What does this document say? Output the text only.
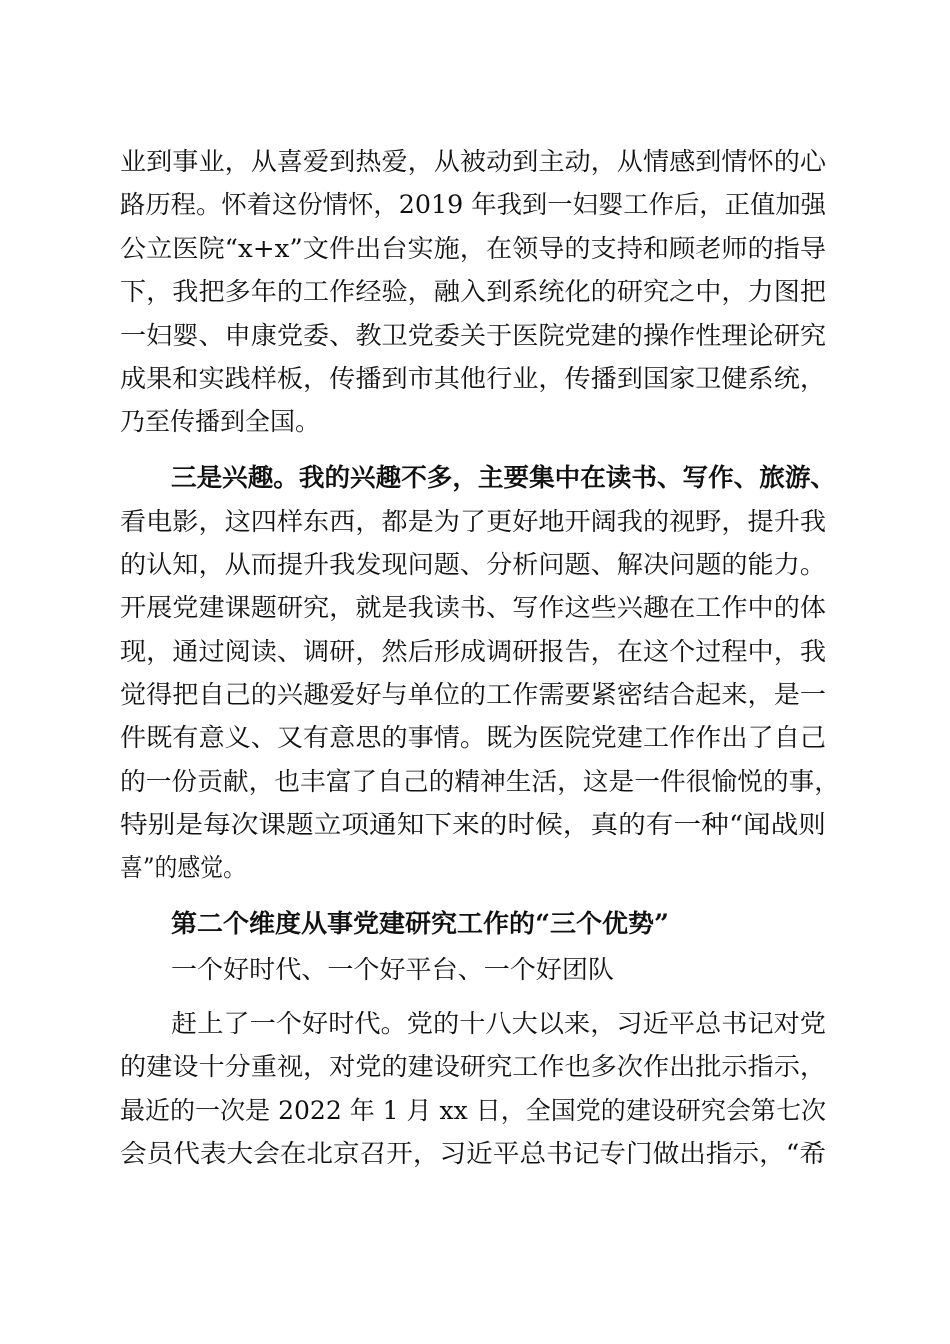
业到事业，从喜爱到热爱，从被动到主动，从情感到情怀的心
路历程。怀着这份情怀，2019 年我到一妇婴工作后，正值加强
公立医院“x+x”文件出台实施，在领导的支持和顾老师的指导
下，我把多年的工作经验，融入到系统化的研究之中，力图把
一妇婴、申康党委、教卫党委关于医院党建的操作性理论研究
成果和实践样板，传播到市其他行业，传播到国家卫健系统，
乃至传播到全国。
三是兴趣。我的兴趣不多，主要集中在读书、写作、旅游、
看电影，这四样东西，都是为了更好地开阔我的视野，提升我
的认知，从而提升我发现问题、分析问题、解决问题的能力。
开展党建课题研究，就是我读书、写作这些兴趣在工作中的体
现，通过阅读、调研，然后形成调研报告，在这个过程中，我
觉得把自己的兴趣爱好与单位的工作需要紧密结合起来，是一
件既有意义、又有意思的事情。既为医院党建工作作出了自己
的一份贡献，也丰富了自己的精神生活，这是一件很愉悦的事，
特别是每次课题立项通知下来的时候，真的有一种“闻战则
喜”的感觉。
第二个维度从事党建研究工作的“三个优势”
一个好时代、一个好平台、一个好团队
赶上了一个好时代。党的十八大以来，习近平总书记对党
的建设十分重视，对党的建设研究工作也多次作出批示指示，
最近的一次是 2022 年 1 月 xx 日，全国党的建设研究会第七次
会员代表大会在北京召开，习近平总书记专门做出指示，“希
